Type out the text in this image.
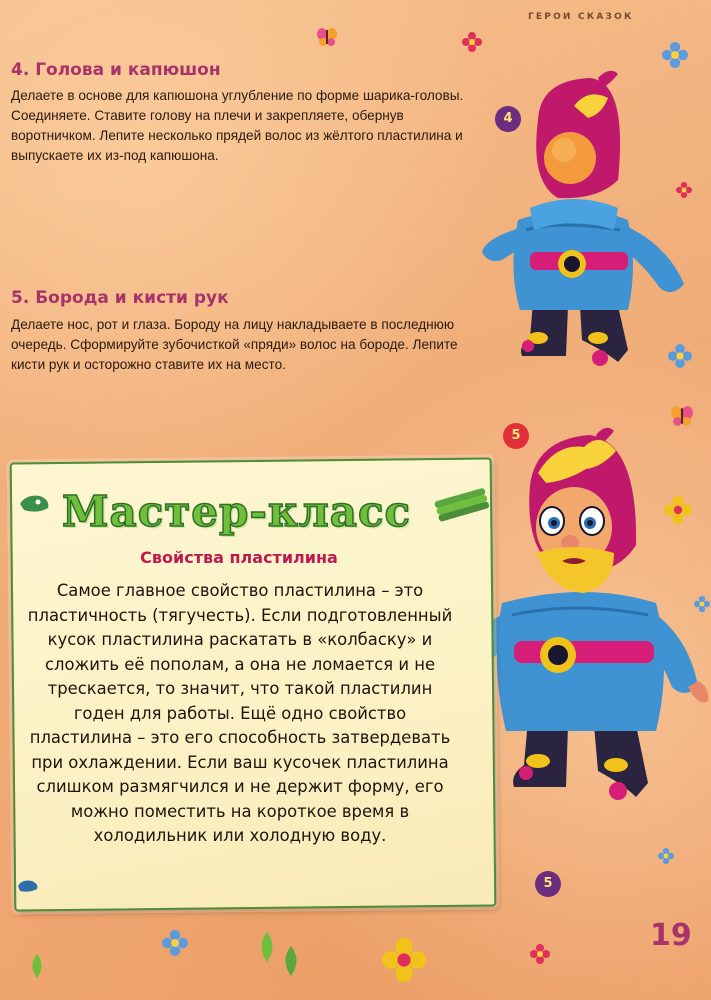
ГЕРОИ СКАЗОК
4. Голова и капюшон
Делаете в основе для капюшона углубление по форме шарика-головы. Соединяете. Ставите голову на плечи и закрепляете, обернув воротничком. Лепите несколько прядей волос из жёлтого пластилина и выпускаете их из-под капюшона.
5. Борода и кисти рук
Делаете нос, рот и глаза. Бороду на лицу накладываете в последнюю очередь. Сформируйте зубочисткой «пряди» волос на бороде. Лепите кисти рук и осторожно ставите их на место.
4
5
Мастер-класс
Свойства пластилина
Самое главное свойство пластилина – это пластичность (тягучесть). Если подготовленный кусок пластилина раскатать в «колбаску» и сложить её пополам, а она не ломается и не трескается, то значит, что такой пластилин годен для работы. Ещё одно свойство пластилина – это его способность затвердевать при охлаждении. Если ваш кусочек пластилина слишком размягчился и не держит форму, его можно поместить на короткое время в холодильник или холодную воду.
5
19
